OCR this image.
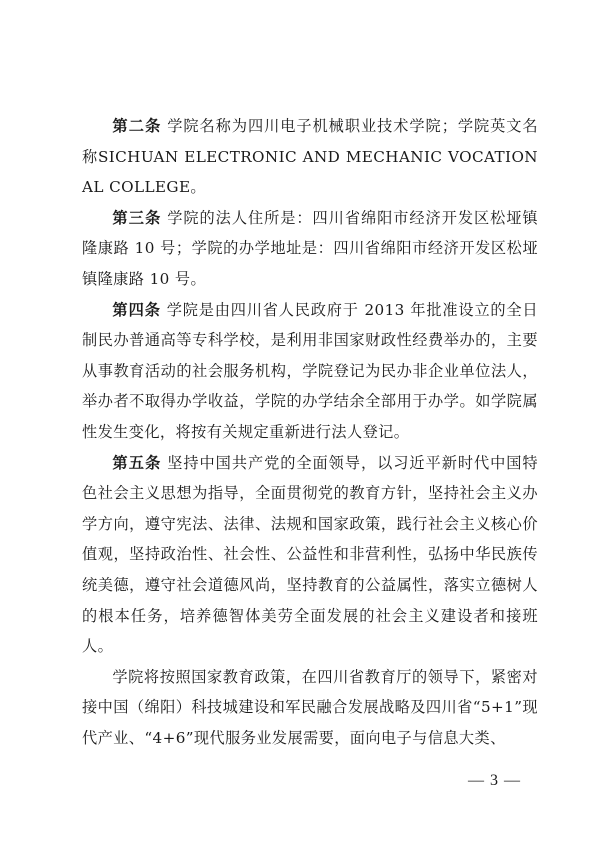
第二条 学院名称为四川电子机械职业技术学院；学院英文名称SICHUAN ELECTRONIC AND MECHANIC VOCATIONAL COLLEGE。

第三条 学院的法人住所是：四川省绵阳市经济开发区松垭镇隆康路 10 号；学院的办学地址是：四川省绵阳市经济开发区松垭镇隆康路 10 号。

第四条 学院是由四川省人民政府于 2013 年批准设立的全日制民办普通高等专科学校，是利用非国家财政性经费举办的，主要从事教育活动的社会服务机构，学院登记为民办非企业单位法人，举办者不取得办学收益，学院的办学结余全部用于办学。如学院属性发生变化，将按有关规定重新进行法人登记。

第五条 坚持中国共产党的全面领导，以习近平新时代中国特色社会主义思想为指导，全面贯彻党的教育方针，坚持社会主义办学方向，遵守宪法、法律、法规和国家政策，践行社会主义核心价值观，坚持政治性、社会性、公益性和非营利性，弘扬中华民族传统美德，遵守社会道德风尚，坚持教育的公益属性，落实立德树人的根本任务，培养德智体美劳全面发展的社会主义建设者和接班人。

学院将按照国家教育政策，在四川省教育厅的领导下，紧密对接中国（绵阳）科技城建设和军民融合发展战略及四川省“5+1”现代产业、“4+6”现代服务业发展需要，面向电子与信息大类、

— 3 —
